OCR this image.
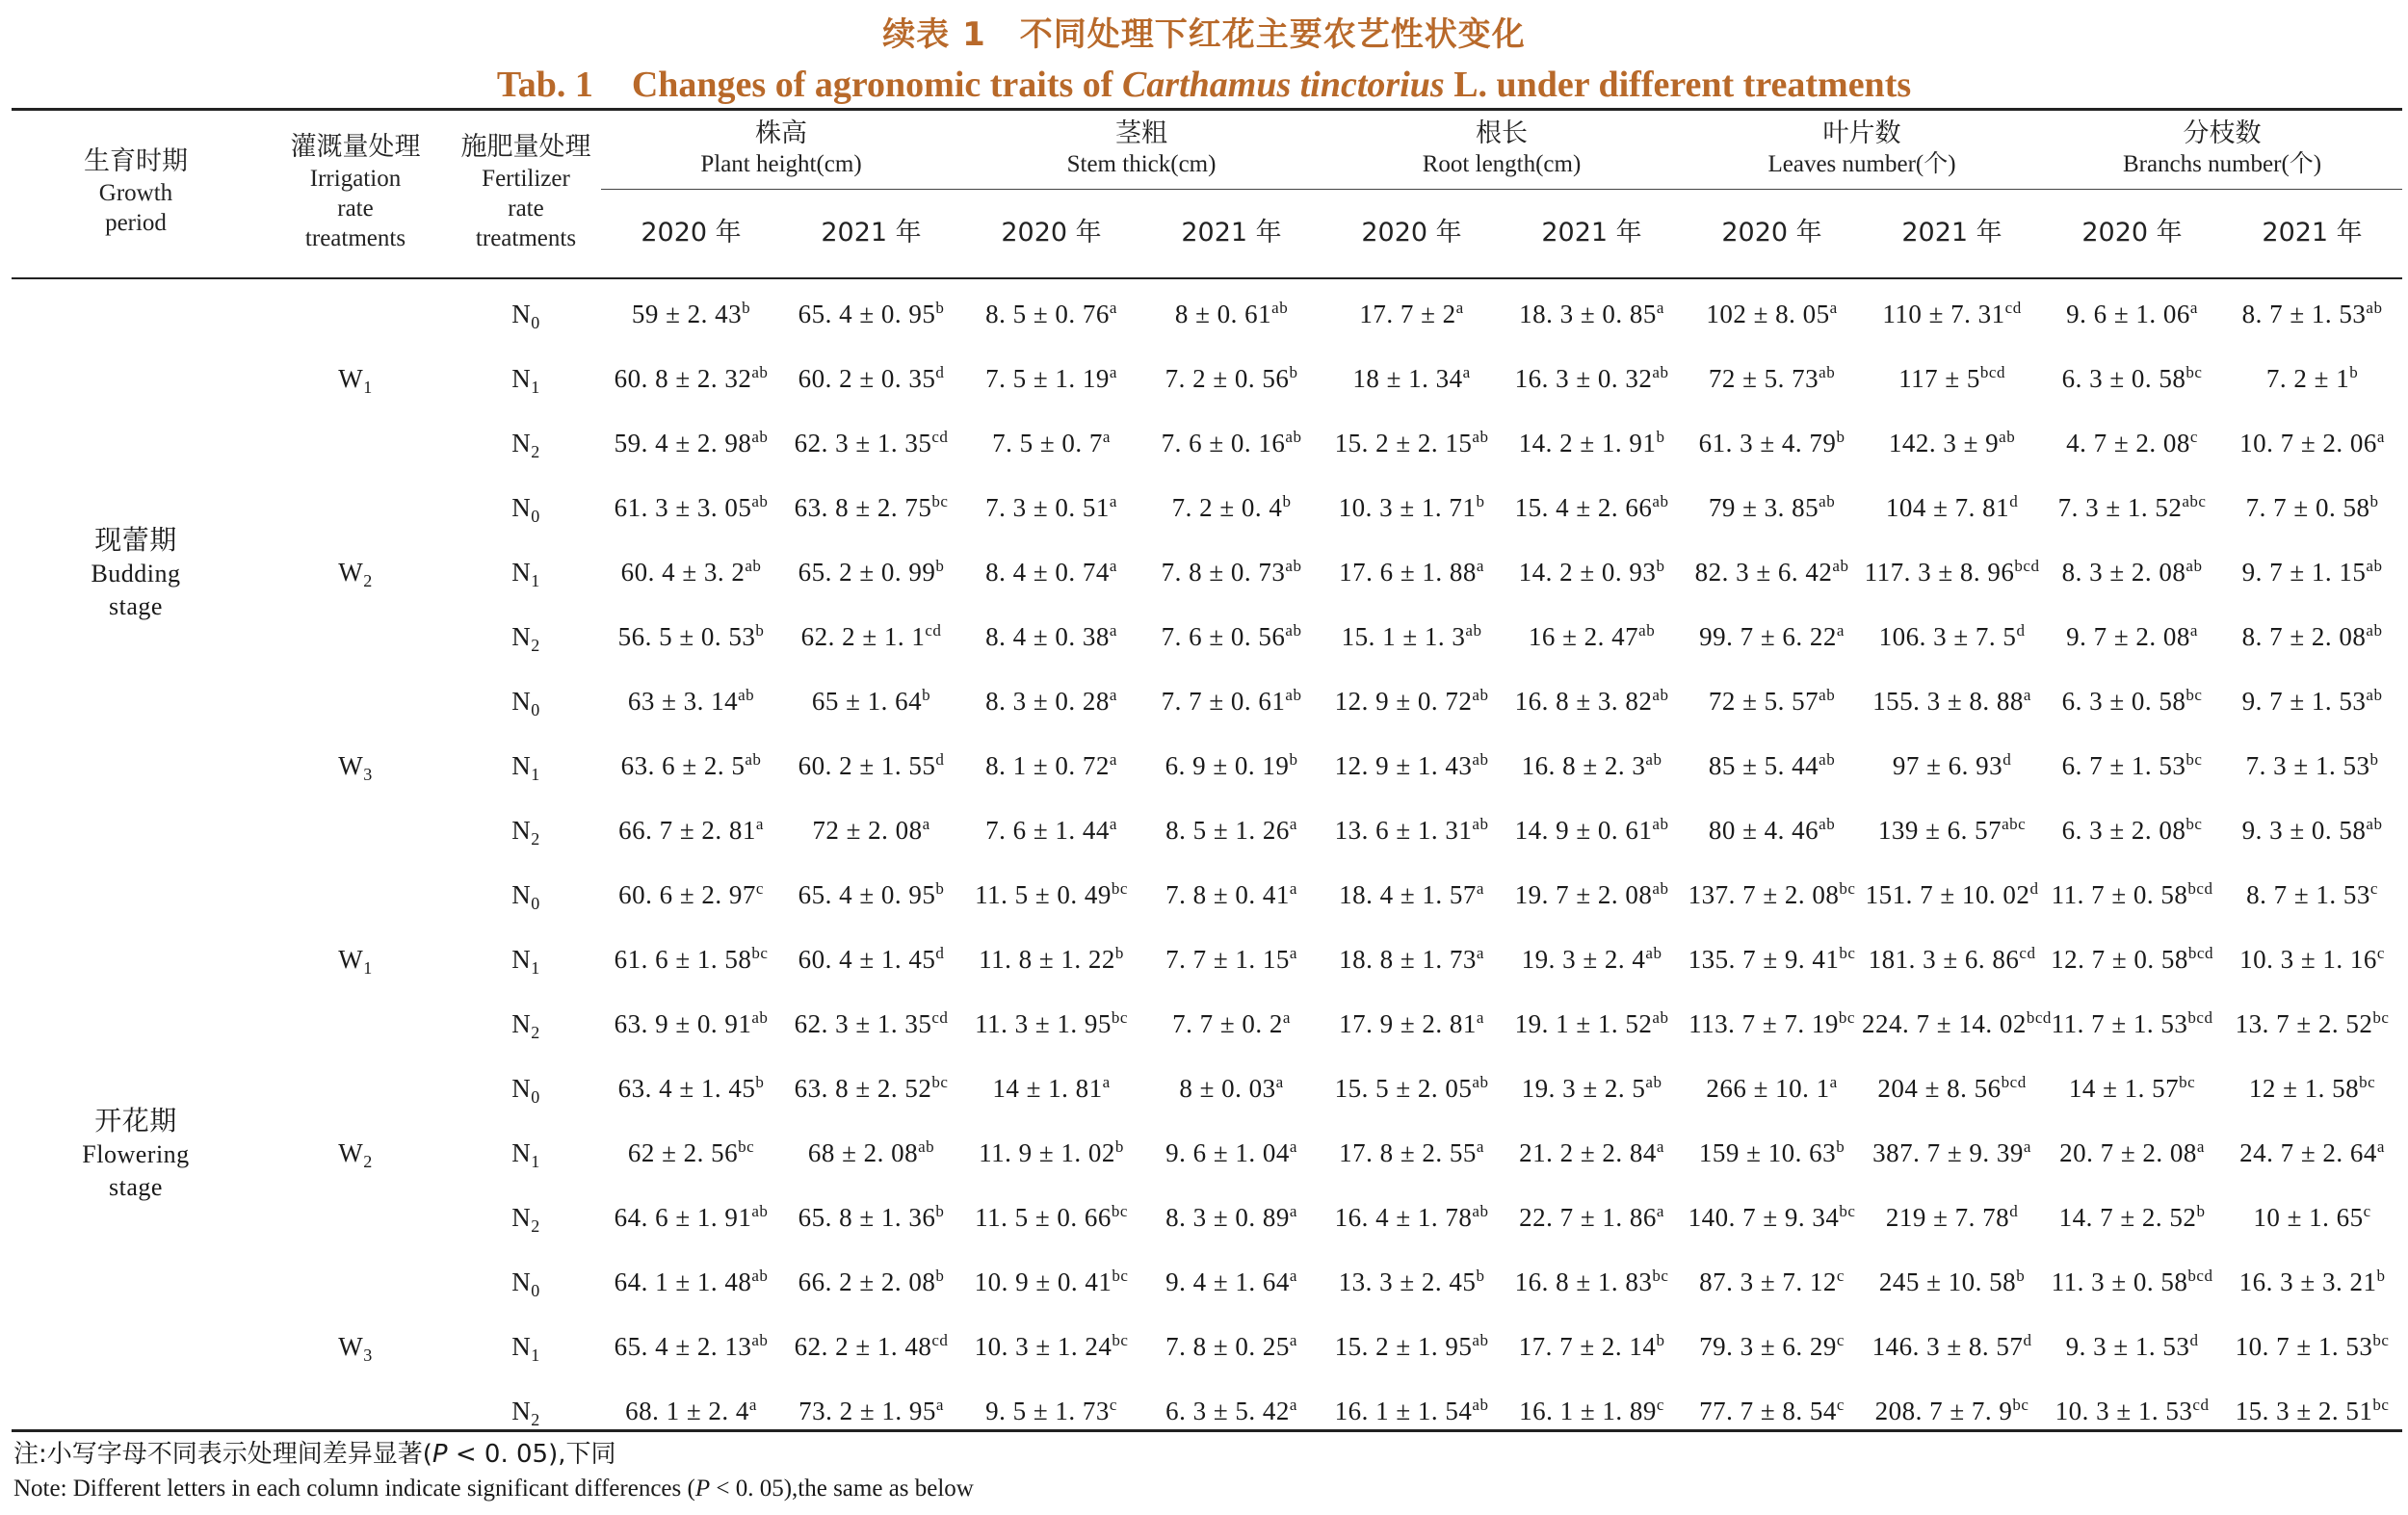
续表 1　不同处理下红花主要农艺性状变化
Tab. 1 Changes of agronomic traits of Carthamus tinctorius L. under different treatments
生育时期
Growth
period	灌溉量处理
Irrigation
rate
treatments	施肥量处理
Fertilizer
rate
treatments	株高
Plant height(cm)		茎粗
Stem thick(cm)		根长
Root length(cm)		叶片数
Leaves number(个)		分枝数
Branchs number(个)	

			2020 年	2021 年	2020 年	2021 年	2020 年	2021 年	2020 年	2021 年	2020 年	2021 年

现蕾期
Budding
stage	$W_1$	$N_0$	59 ± 2. 43$^b$	65. 4 ± 0. 95$^b$	8. 5 ± 0. 76$^a$	8 ± 0. $61^{ab}$	17. $7 \pm 2^a$	18. 3 ± 0. 85$^a$	102 ± 8. 05$^a$	110 ± 7. $31^{cd}$	9. 6 ± 1. 06$^a$	8. 7 ± 1. $53^{ab}$
		$N_1$	60. 8 ± 2. $32^{ab}$	60. 2 ± 0. 35$^d$	7. 5 ± 1. 19$^a$	7. 2 ± 0. 56$^b$	18 ± 1. 34$^a$	16. 3 ± 0. $32^{ab}$	72 ± 5. $73^{ab}$	$117 \pm 5^{bcd}$	6. 3 ± 0. $58^{bc}$	7. $2 \pm 1^b$
		$N_2$	59. 4 ± 2. $98^{ab}$	62. 3 ± 1. $35^{cd}$	7. 5 ± 0. 7$^a$	7. 6 ± 0. $16^{ab}$	15. 2 ± 2. $15^{ab}$	14. 2 ± 1. 91$^b$	61. 3 ± 4. 79$^b$	142. $3 \pm 9^{ab}$	4. 7 ± 2. 08$^c$	10. 7 ± 2. 06$^a$
	$W_2$	$N_0$	61. 3 ± 3. $05^{ab}$	63. 8 ± 2. $75^{bc}$	7. 3 ± 0. 51$^a$	7. 2 ± 0. 4$^b$	10. 3 ± 1. 71$^b$	15. 4 ± 2. $66^{ab}$	79 ± 3. $85^{ab}$	104 ± 7. 81$^d$	7. 3 ± 1. $52^{abc}$	7. 7 ± 0. 58$^b$
		$N_1$	60. 4 ± 3. $2^{ab}$	65. 2 ± 0. 99$^b$	8. 4 ± 0. 74$^a$	7. 8 ± 0. $73^{ab}$	17. 6 ± 1. 88$^a$	14. 2 ± 0. 93$^b$	82. 3 ± 6. $42^{ab}$	117. 3 ± 8. $96^{bcd}$	8. 3 ± 2. $08^{ab}$	9. 7 ± 1. $15^{ab}$
		$N_2$	56. 5 ± 0. 53$^b$	62. 2 ± 1. $1^{cd}$	8. 4 ± 0. 38$^a$	7. 6 ± 0. $56^{ab}$	15. 1 ± 1. $3^{ab}$	16 ± 2. $47^{ab}$	99. 7 ± 6. 22$^a$	106. 3 ± 7. 5$^d$	9. 7 ± 2. 08$^a$	8. 7 ± 2. $08^{ab}$
	$W_3$	$N_0$	63 ± 3. $14^{ab}$	65 ± 1. 64$^b$	8. 3 ± 0. 28$^a$	7. 7 ± 0. $61^{ab}$	12. 9 ± 0. $72^{ab}$	16. 8 ± 3. $82^{ab}$	72 ± 5. $57^{ab}$	155. 3 ± 8. 88$^a$	6. 3 ± 0. $58^{bc}$	9. 7 ± 1. $53^{ab}$
		$N_1$	63. 6 ± 2. $5^{ab}$	60. 2 ± 1. 55$^d$	8. 1 ± 0. 72$^a$	6. 9 ± 0. 19$^b$	12. 9 ± 1. $43^{ab}$	16. 8 ± 2. $3^{ab}$	85 ± 5. $44^{ab}$	97 ± 6. 93$^d$	6. 7 ± 1. $53^{bc}$	7. 3 ± 1. 53$^b$
		$N_2$	66. 7 ± 2. 81$^a$	72 ± 2. 08$^a$	7. 6 ± 1. 44$^a$	8. 5 ± 1. 26$^a$	13. 6 ± 1. $31^{ab}$	14. 9 ± 0. $61^{ab}$	80 ± 4. $46^{ab}$	139 ± 6. $57^{abc}$	6. 3 ± 2. $08^{bc}$	9. 3 ± 0. $58^{ab}$

开花期
Flowering
stage	$W_1$	$N_0$	60. 6 ± 2. 97$^c$	65. 4 ± 0. 95$^b$	11. 5 ± 0. $49^{bc}$	7. 8 ± 0. 41$^a$	18. 4 ± 1. 57$^a$	19. 7 ± 2. $08^{ab}$	137. 7 ± 2. $08^{bc}$	151. 7 ± 10. 02$^d$	11. 7 ± 0. $58^{bcd}$	8. 7 ± 1. 53$^c$
		$N_1$	61. 6 ± 1. $58^{bc}$	60. 4 ± 1. 45$^d$	11. 8 ± 1. 22$^b$	7. 7 ± 1. 15$^a$	18. 8 ± 1. 73$^a$	19. 3 ± 2. $4^{ab}$	135. 7 ± 9. $41^{bc}$	181. 3 ± 6. $86^{cd}$	12. 7 ± 0. $58^{bcd}$	10. 3 ± 1. 16$^c$
		$N_2$	63. 9 ± 0. $91^{ab}$	62. 3 ± 1. $35^{cd}$	11. 3 ± 1. $95^{bc}$	7. 7 ± 0. 2$^a$	17. 9 ± 2. 81$^a$	19. 1 ± 1. $52^{ab}$	113. 7 ± 7. $19^{bc}$	224. 7 ± 14. $02^{bcd}$	11. 7 ± 1. $53^{bcd}$	13. 7 ± 2. $52^{bc}$
	$W_2$	$N_0$	63. 4 ± 1. 45$^b$	63. 8 ± 2. $52^{bc}$	14 ± 1. 81$^a$	8 ± 0. 03$^a$	15. 5 ± 2. $05^{ab}$	19. 3 ± 2. $5^{ab}$	266 ± 10. 1$^a$	204 ± 8. $56^{bcd}$	14 ± 1. $57^{bc}$	12 ± 1. $58^{bc}$
		$N_1$	62 ± 2. $56^{bc}$	68 ± 2. $08^{ab}$	11. 9 ± 1. 02$^b$	9. 6 ± 1. 04$^a$	17. 8 ± 2. 55$^a$	21. 2 ± 2. 84$^a$	159 ± 10. 63$^b$	387. 7 ± 9. 39$^a$	20. 7 ± 2. 08$^a$	24. 7 ± 2. 64$^a$
		$N_2$	64. 6 ± 1. $91^{ab}$	65. 8 ± 1. 36$^b$	11. 5 ± 0. $66^{bc}$	8. 3 ± 0. 89$^a$	16. 4 ± 1. $78^{ab}$	22. 7 ± 1. 86$^a$	140. 7 ± 9. $34^{bc}$	219 ± 7. 78$^d$	14. 7 ± 2. 52$^b$	10 ± 1. 65$^c$
	$W_3$	$N_0$	64. 1 ± 1. $48^{ab}$	66. 2 ± 2. 08$^b$	10. 9 ± 0. $41^{bc}$	9. 4 ± 1. 64$^a$	13. 3 ± 2. 45$^b$	16. 8 ± 1. $83^{bc}$	87. 3 ± 7. 12$^c$	245 ± 10. 58$^b$	11. 3 ± 0. $58^{bcd}$	16. 3 ± 3. 21$^b$
		$N_1$	65. 4 ± 2. $13^{ab}$	62. 2 ± 1. $48^{cd}$	10. 3 ± 1. $24^{bc}$	7. 8 ± 0. 25$^a$	15. 2 ± 1. $95^{ab}$	17. 7 ± 2. 14$^b$	79. 3 ± 6. 29$^c$	146. 3 ± 8. 57$^d$	9. 3 ± 1. 53$^d$	10. 7 ± 1. $53^{bc}$
		$N_2$	68. 1 ± 2. 4$^a$	73. 2 ± 1. 95$^a$	9. 5 ± 1. 73$^c$	6. 3 ± 5. 42$^a$	16. 1 ± 1. $54^{ab}$	16. 1 ± 1. 89$^c$	77. 7 ± 8. 54$^c$	208. 7 ± 7. $9^{bc}$	10. 3 ± 1. $53^{cd}$	15. 3 ± 2. $51^{bc}$
注:小写字母不同表示处理间差异显著(P < 0. 05),下同
Note: Different letters in each column indicate significant differences (P < 0. 05),the same as below
